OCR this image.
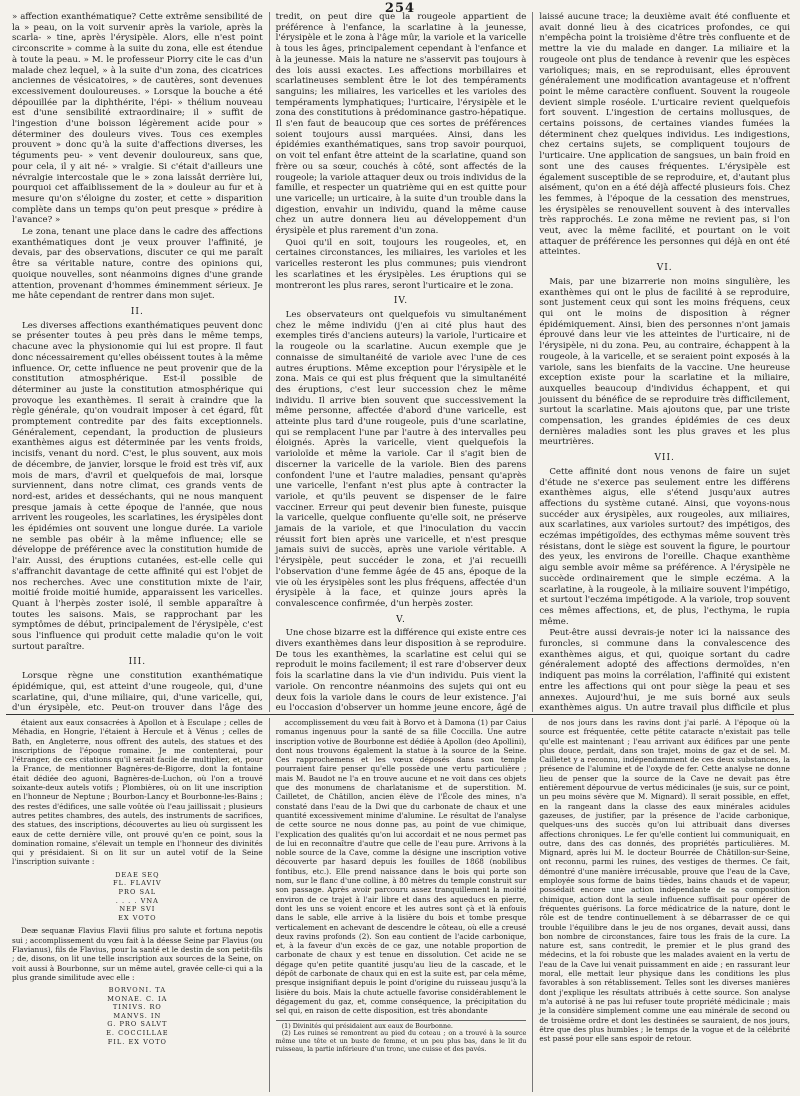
254

» affection exanthématique? Cette extrême sensibilité de la » peau, on la voit survenir après la variole, après la scarla- » tine, après l'érysipèle. Alors, elle n'est point circonscrite » comme à la suite du zona, elle est étendue à toute la peau. » M. le professeur Piorry cite le cas d'un malade chez lequel, » à la suite d'un zona, des cicatrices anciennes de vésicatoires, » de cautères, sont devenues excessivement douloureuses. » Lorsque la bouche a été dépouillée par la diphthérite, l'épi- » thélium nouveau est d'une sensibilité extraordinaire; il » suffit de l'ingestion d'une boisson légèrement acide pour » déterminer des douleurs vives. Tous ces exemples prouvent » donc qu'à la suite d'affections diverses, les téguments peu- » vent devenir douloureux, sans que, pour cela, il y ait né- » vralgie. Si c'était d'ailleurs une névralgie intercostale que le » zona laissât derrière lui, pourquoi cet affaiblissement de la » douleur au fur et à mesure qu'on s'éloigne du zoster, et cette » disparition complète dans un temps qu'on peut presque » prédire à l'avance? »

Le zona, tenant une place dans le cadre des affections exanthématiques dont je veux prouver l'affinité, je devais, par des observations, discuter ce qui me paraît être sa véritable nature, contre des opinions qui, quoique nouvelles, sont néanmoins dignes d'une grande attention, provenant d'hommes éminemment sérieux. Je me hâte cependant de rentrer dans mon sujet.

II.

Les diverses affections exanthématiques peuvent donc se présenter toutes à peu près dans le même temps, chacune avec la physionomie qui lui est propre. Il faut donc nécessairement qu'elles obéissent toutes à la même influence. Or, cette influence ne peut provenir que de la constitution atmosphérique. Est-il possible de déterminer au juste la constitution atmosphérique qui provoque les exanthèmes. Il serait à craindre que la règle générale, qu'on voudrait imposer à cet égard, fût promptement contredite par des faits exceptionnels. Généralement, cependant, la production de plusieurs exanthèmes aigus est déterminée par les vents froids, incisifs, venant du nord. C'est, le plus souvent, aux mois de décembre, de janvier, lorsque le froid est très vif, aux mois de mars, d'avril et quelquefois de mai, lorsque surviennent, dans notre climat, ces grands vents de nord-est, arides et desséchants, qui ne nous manquent presque jamais à cette époque de l'année, que nous arrivent les rougeoles, les scarlatines, les érysipèles dont les épidémies ont souvent une longue durée. La variole ne semble pas obéir à la même influence; elle se développe de préférence avec la constitution humide de l'air. Aussi, des éruptions cutanées, est-elle celle qui s'affranchit davantage de cette affinité qui est l'objet de nos recherches. Avec une constitution mixte de l'air, moitié froide moitié humide, apparaissent les varicelles. Quant à l'herpès zoster isolé, il semble apparaître à toutes les saisons. Mais, se rapprochant par les symptômes de début, principalement de l'érysipèle, c'est sous l'influence qui produit cette maladie qu'on le voit surtout paraître.

III.

Lorsque règne une constitution exanthématique épidémique, qui, est atteint d'une rougeole, qui, d'une scarlatine, qui, d'une miliaire, qui, d'une varicelle, qui, d'un érysipèle, etc. Peut-on trouver dans l'âge des

tredit, on peut dire que la rougeole appartient de préférence à l'enfance, la scarlatine à la jeunesse, l'érysipèle et le zona à l'âge mûr, la variole et la varicelle à tous les âges, principalement cependant à l'enfance et à la jeunesse. Mais la nature ne s'asservit pas toujours à des lois aussi exactes. Les affections morbillaires et scarlatineuses semblent être le lot des tempéraments sanguins; les miliaires, les varicelles et les varioles des tempéraments lymphatiques; l'urticaire, l'érysipèle et le zona des constitutions à prédominance gastro-hépatique. Il s'en faut de beaucoup que ces sortes de préférences soient toujours aussi marquées. Ainsi, dans les épidémies exanthématiques, sans trop savoir pourquoi, on voit tel enfant être atteint de la scarlatine, quand son frère ou sa sœur, couchés à côté, sont affectés de la rougeole; la variole attaquer deux ou trois individus de la famille, et respecter un quatrième qui en est quitte pour une varicelle; un urticaire, à la suite d'un trouble dans la digestion, envahir un individu, quand la même cause chez un autre donnera lieu au développement d'un érysipèle et plus rarement d'un zona.

Quoi qu'il en soit, toujours les rougeoles, et, en certaines circonstances, les miliaires, les varioles et les varicelles resteront les plus communes; puis viendront les scarlatines et les érysipèles. Les éruptions qui se montreront les plus rares, seront l'urticaire et le zona.

IV.

Les observateurs ont quelquefois vu simultanément chez le même individu (j'en ai cité plus haut des exemples tirés d'anciens auteurs) la variole, l'urticaire et la rougeole ou la scarlatine. Aucun exemple que je connaisse de simultanéité de variole avec l'une de ces autres éruptions. Même exception pour l'érysipèle et le zona. Mais ce qui est plus fréquent que la simultanéité des éruptions, c'est leur succession chez le même individu. Il arrive bien souvent que successivement la même personne, affectée d'abord d'une varicelle, est atteinte plus tard d'une rougeole, puis d'une scarlatine, qui se remplacent l'une par l'autre à des intervalles peu éloignés. Après la varicelle, vient quelquefois la varioloïde et même la variole. Car il s'agit bien de discerner la varicelle de la variole. Bien des parens confondent l'une et l'autre maladies, pensant qu'après une varicelle, l'enfant n'est plus apte à contracter la variole, et qu'ils peuvent se dispenser de le faire vacciner. Erreur qui peut devenir bien funeste, puisque la varicelle, quelque confluente qu'elle soit, ne préserve jamais de la variole, et que l'inoculation du vaccin réussit fort bien après une varicelle, et n'est presque jamais suivi de succès, après une variole véritable. A l'érysipèle, peut succéder le zona, et j'ai recueilli l'observation d'une femme âgée de 45 ans, époque de la vie où les érysipèles sont les plus fréquens, affectée d'un érysipèle à la face, et quinze jours après la convalescence confirmée, d'un herpès zoster.

V.

Une chose bizarre est la différence qui existe entre ces divers exanthèmes dans leur disposition à se reproduire. De tous les exanthèmes, la scarlatine est celui qui se reproduit le moins facilement; il est rare d'observer deux fois la scarlatine dans la vie d'un individu. Puis vient la variole. On rencontre néanmoins des sujets qui ont eu deux fois la variole dans le cours de leur existence. J'ai eu l'occasion d'observer un homme jeune encore, âgé de

laissé aucune trace; la deuxième avait été confluente et avait donné lieu à des cicatrices profondes, ce qui n'empêcha point la troisième d'être très confluente et de mettre la vie du malade en danger. La miliaire et la rougeole ont plus de tendance à revenir que les espèces varioliques; mais, en se reproduisant, elles éprouvent généralement une modification avantageuse et n'offrent point le même caractère confluent. Souvent la rougeole devient simple roséole. L'urticaire revient quelquefois fort souvent. L'ingestion de certains mollusques, de certains poissons, de certaines viandes fumées la déterminent chez quelques individus. Les indigestions, chez certains sujets, se compliquent toujours de l'urticaire. Une application de sangsues, un bain froid en sont une des causes fréquentes. L'érysipèle est également susceptible de se reproduire, et, d'autant plus aisément, qu'on en a été déjà affecté plusieurs fois. Chez les femmes, à l'époque de la cessation des menstrues, les érysipèles se renouvellent souvent à des intervalles très rapprochés. Le zona même ne revient pas, si l'on veut, avec la même facilité, et pourtant on le voit attaquer de préférence les personnes qui déjà en ont été atteintes.

VI.

Mais, par une bizarrerie non moins singulière, les exanthèmes qui ont le plus de facilité à se reproduire, sont justement ceux qui sont les moins fréquens, ceux qui ont le moins de disposition à régner épidémiquement. Ainsi, bien des personnes n'ont jamais éprouvé dans leur vie les atteintes de l'urticaire, ni de l'érysipèle, ni du zona. Peu, au contraire, échappent à la rougeole, à la varicelle, et se seraient point exposés à la variole, sans les bienfaits de la vaccine. Une heureuse exception existe pour la scarlatine et la miliaire, auxquelles beaucoup d'individus échappent, et qui jouissent du bénéfice de se reproduire très difficilement, surtout la scarlatine. Mais ajoutons que, par une triste compensation, les grandes épidémies de ces deux dernières maladies sont les plus graves et les plus meurtrières.

VII.

Cette affinité dont nous venons de faire un sujet d'étude ne s'exerce pas seulement entre les différens exanthèmes aigus, elle s'étend jusqu'aux autres affections du système cutané. Ainsi, que voyons-nous succéder aux érysipèles, aux rougeoles, aux miliaires, aux scarlatines, aux varioles surtout? des impétigos, des eczémas impétigoïdes, des ecthymas même souvent très résistans, dont le siège est souvent la figure, le pourtour des yeux, les environs de l'oreille. Chaque exanthème aigu semble avoir même sa préférence. A l'érysipèle ne succède ordinairement que le simple eczéma. A la scarlatine, à la rougeole, à la miliaire souvent l'impétigo, et surtout l'eczéma impétigode. A la variole, trop souvent ces mêmes affections, et, de plus, l'ecthyma, le rupia même.

Peut-être aussi devrais-je noter ici la naissance des furoncles, si commune dans la convalescence des exanthèmes aigus, et qui, quoique sortant du cadre généralement adopté des affections dermoïdes, n'en indiquent pas moins la corrélation, l'affinité qui existent entre les affections qui ont pour siège la peau et ses annexes. Aujourd'hui, je me suis borné aux seuls exanthèmes aigus. Un autre travail plus difficile et plus

étaient aux eaux consacrées à Apollon et à Esculape ; celles de Méhadia, en Hongrie, l'étaient à Hercule et à Vénus ; celles de Bath, en Angleterre, nous offrent des autels, des statues et des inscriptions de l'époque romaine. Je me contenterai, pour l'étranger, de ces citations qu'il serait facile de multiplier, et, pour la France, de mentionner Bagnères-de-Bigorre, dont la fontaine était dédiée deo aguoni, Bagnères-de-Luchon, où l'on a trouvé soixante-deux autels votifs ; Plombières, où on lit une inscription en l'honneur de Neptune ; Bourbon-Lancy et Bourbonne-les-Bains ; des restes d'édifices, une salle voûtée où l'eau jaillissait ; plusieurs autres petites chambres, des autels, des instruments de sacrifices, des statues, des inscriptions, découvertes au lieu où surgissent les eaux de cette dernière ville, ont prouvé qu'en ce point, sous la domination romaine, s'élevait un temple en l'honneur des divinités qui y présidaient. Si on lit sur un autel votif de la Seine l'inscription suivante :

DEAE SEQ
FL. FLAVIV
PRO SAL
. . . . VNA
NEP SVI
EX VOTO

Deæ sequanæ Flavius Flavii filius pro salute et fortuna nepotis sui ; accomplissement du vœu fait à la déesse Seine par Flavius (ou Flavianus), fils de Flavius, pour la santé et le destin de son petit-fils ; de, disons, on lit une telle inscription aux sources de la Seine, on voit aussi à Bourbonne, sur un même autel, gravée celle-ci qui a la plus grande similitude avec elle :

BORVONI. TA
MONAE. C. IA
TINIVS. RO
MANVS. IN
G. PRO SALVT
E. COCCILLAE
FIL. EX VOTO

accomplissement du vœu fait à Borvo et à Damona (1) par Caius romanus ingenuus pour la santé de sa fille Coccilla. Une autre inscription votive de Bourbonne est dédiée à Apollon (deo Apollini), dont nous trouvons également la statue à la source de la Seine. Ces rapprochemens et les vœux déposés dans son temple pourraient faire penser qu'elle possède une vertu particulière ; mais M. Baudot ne l'a en trouve aucune et ne voit dans ces objets que des monumens de charlatanisme et de superstition. M. Cailletet, de Châtillon, ancien élève de l'École des mines, n'a constaté dans l'eau de la Dwi que du carbonate de chaux et une quantité excessivement minime d'alumine. Le résultat de l'analyse de cette source ne nous donne pas, au point de vue chimique, l'explication des qualités qu'on lui accordait et ne nous permet pas de lui en reconnaître d'autre que celle de l'eau pure. Arrivons à la noble source de la Cave, comme la désigne une inscription votive découverte par hasard depuis les fouilles de 1868 (nobilibus fontibus, etc.). Elle prend naissance dans le bois qui porte son nom, sur le flanc d'une colline, à 80 mètres du temple construit sur son passage. Après avoir parcouru assez tranquillement la moitié environ de ce trajet à l'air libre et dans des aqueducs en pierre, dont les uns se voient encore et les autres sont çà et là enfouis dans le sable, elle arrive à la lisière du bois et tombe presque verticalement en achevant de descendre le côteau, où elle a creusé deux ravins profonds (2). Son eau contient de l'acide carbonique, et, à la faveur d'un excès de ce gaz, une notable proportion de carbonate de chaux y est tenue en dissolution. Cet acide ne se dégage qu'en petite quantité jusqu'au lieu de la cascade, et le dépôt de carbonate de chaux qui en est la suite est, par cela même, presque insignifiant depuis le point d'origine du ruisseau jusqu'à la lisière du bois. Mais la chute actuelle favorise considérablement le dégagement du gaz, et, comme conséquence, la précipitation du sel qui, en raison de cette disposition, est très abondante

(1) Divinités qui présidaient aux eaux de Bourbonne.
(2) Les ruines se remontrent au pied du coteau ; on a trouvé à la source même une tête et un buste de femme, et un peu plus bas, dans le lit du ruisseau, la partie inférieure d'un tronc, une cuisse et des pavés.

de nos jours dans les ravins dont j'ai parlé. A l'époque où la source est fréquentée, cette pétite cataracte n'existait pas telle qu'elle est maintenant ; l'eau arrivant aux édifices par une pente plus douce, perdait, dans son trajet, moins de gaz et de sel. M. Cailletet y a reconnu, indépendamment de ces deux substances, la présence de l'alumine et de l'oxyde de fer. Cette analyse ne donne lieu de penser que la source de la Cave ne devait pas être entièrement dépourvue de vertus médicinales (je suis, sur ce point, un peu moins sévère que M. Mignard). Il serait possible, en effet, en la rangeant dans la classe des eaux minérales acidules gazeuses, de justifier, par la présence de l'acide carbonique, quelques-uns des succès qu'on lui attribuait dans diverses affections chroniques. Le fer qu'elle contient lui communiquait, en outre, dans des cas donnés, des propriétés particulières. M. Mignard, après lui M. le docteur Bourrée de Châtillon-sur-Seine, ont reconnu, parmi les ruines, des vestiges de thermes. Ce fait, démontré d'une manière irrécusable, prouve que l'eau de la Cave, employée sous forme de bains tièdes, bains chauds et de vapeur, possédait encore une action indépendante de sa composition chimique, action dont la seule influence suffisait pour opérer de fréquentes guérisons. La force médicatrice de la nature, dont le rôle est de tendre continuellement à se débarrasser de ce qui trouble l'équilibre dans le jeu de nos organes, devait aussi, dans bon nombre de circonstances, faire tous les frais de la cure. La nature est, sans contredit, le premier et le plus grand des médecins, et la foi robuste que les malades avaient en la vertu de l'eau de la Cave lui venait puissamment en aide ; en rassurant leur moral, elle mettait leur physique dans les conditions les plus favorables à son rétablissement. Telles sont les diverses manières dont j'explique les résultats attribués à cette source. Son analyse m'a autorisé à ne pas lui refuser toute propriété médicinale ; mais je la considère simplement comme une eau minérale de second ou de troisième ordre et dont les destinées se sauraient, de nos jours, être que des plus humbles ; le temps de la vogue et de la célébrité est passé pour elle sans espoir de retour.
